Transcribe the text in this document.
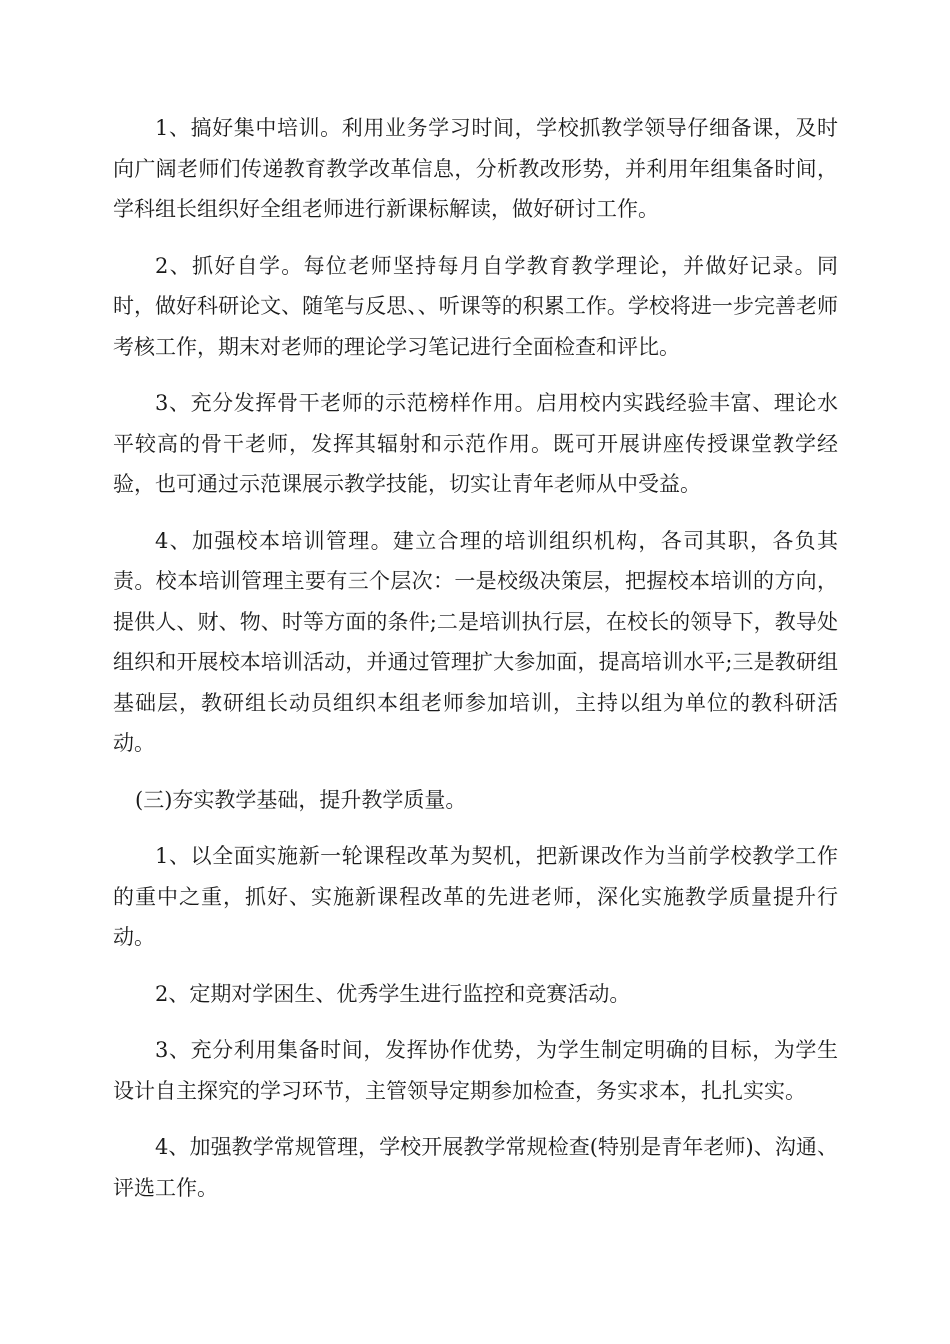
1、搞好集中培训。利用业务学习时间，学校抓教学领导仔细备课，及时向广阔老师们传递教育教学改革信息，分析教改形势，并利用年组集备时间，学科组长组织好全组老师进行新课标解读，做好研讨工作。

2、抓好自学。每位老师坚持每月自学教育教学理论，并做好记录。同时，做好科研论文、随笔与反思、、听课等的积累工作。学校将进一步完善老师考核工作，期末对老师的理论学习笔记进行全面检查和评比。

3、充分发挥骨干老师的示范榜样作用。启用校内实践经验丰富、理论水平较高的骨干老师，发挥其辐射和示范作用。既可开展讲座传授课堂教学经验，也可通过示范课展示教学技能，切实让青年老师从中受益。

4、加强校本培训管理。建立合理的培训组织机构，各司其职，各负其责。校本培训管理主要有三个层次：一是校级决策层，把握校本培训的方向，提供人、财、物、时等方面的条件;二是培训执行层，在校长的领导下，教导处组织和开展校本培训活动，并通过管理扩大参加面，提高培训水平;三是教研组基础层，教研组长动员组织本组老师参加培训，主持以组为单位的教科研活动。

(三)夯实教学基础，提升教学质量。

1、以全面实施新一轮课程改革为契机，把新课改作为当前学校教学工作的重中之重，抓好、实施新课程改革的先进老师，深化实施教学质量提升行动。

2、定期对学困生、优秀学生进行监控和竞赛活动。

3、充分利用集备时间，发挥协作优势，为学生制定明确的目标，为学生设计自主探究的学习环节，主管领导定期参加检查，务实求本，扎扎实实。

4、加强教学常规管理，学校开展教学常规检查(特别是青年老师)、沟通、评选工作。
